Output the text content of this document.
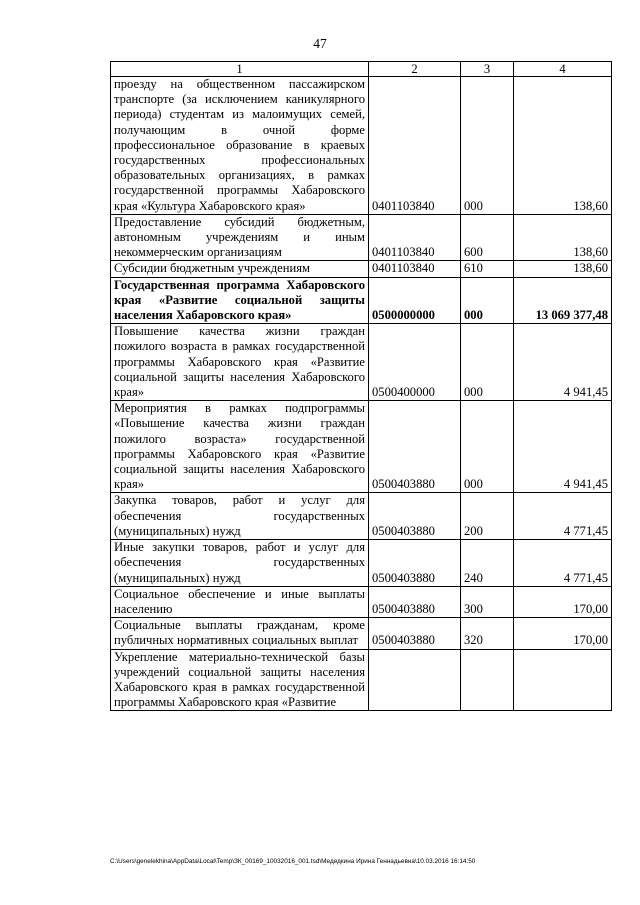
47
1	2	3	4
проезду на общественном пассажирском транспорте (за исключением каникулярного периода) студентам из малоимущих семей, получающим в очной форме профессиональное образование в краевых государственных профессиональных образовательных организациях, в рамках государственной программы Хабаровского края «Культура Хабаровского края»	0401103840	000	138,60
Предоставление субсидий бюджетным, автономным учреждениям и иным некоммерческим организациям	0401103840	600	138,60
Субсидии бюджетным учреждениям	0401103840	610	138,60
Государственная программа Хабаровского края «Развитие социальной защиты населения Хабаровского края»	0500000000	000	13 069 377,48
Повышение качества жизни граждан пожилого возраста в рамках государственной программы Хабаровского края «Развитие социальной защиты населения Хабаровского края»	0500400000	000	4 941,45
Мероприятия в рамках подпрограммы «Повышение качества жизни граждан пожилого возраста» государственной программы Хабаровского края «Развитие социальной защиты населения Хабаровского края»	0500403880	000	4 941,45
Закупка товаров, работ и услуг для обеспечения государственных (муниципальных) нужд	0500403880	200	4 771,45
Иные закупки товаров, работ и услуг для обеспечения государственных (муниципальных) нужд	0500403880	240	4 771,45
Социальное обеспечение и иные выплаты населению	0500403880	300	170,00
Социальные выплаты гражданам, кроме публичных нормативных социальных выплат	0500403880	320	170,00
Укрепление материально-технической базы учреждений социальной защиты населения Хабаровского края в рамках государственной программы Хабаровского края «Развитие			
C:\Users\genelekhina\AppData\Local\Temp\ЗК_00169_10032016_001.tsd\Медедкина Ирина Геннадьевна\10.03.2016 16:14:50
